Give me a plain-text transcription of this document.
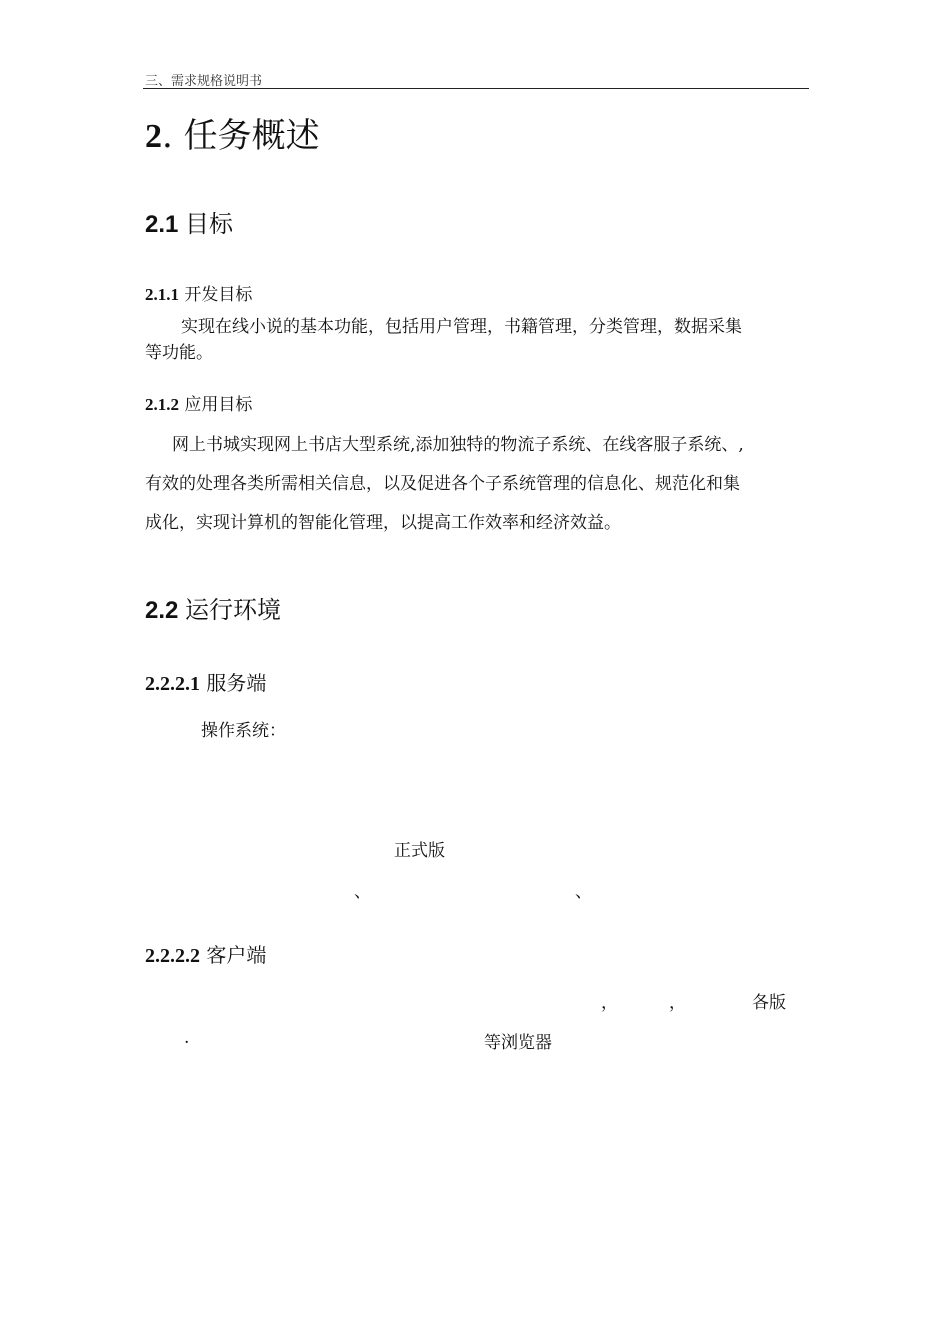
三、需求规格说明书
2. 任务概述
2.1 目标
2.1.1 开发目标
实现在线小说的基本功能，包括用户管理，书籍管理，分类管理，数据采集
等功能。
2.1.2 应用目标
网上书城实现网上书店大型系统,添加独特的物流子系统、在线客服子系统、,
有效的处理各类所需相关信息，以及促进各个子系统管理的信息化、规范化和集
成化，实现计算机的智能化管理，以提高工作效率和经济效益。
2.2 运行环境
2.2.2.1 服务端
操作系统：
正式版
、	、
2.2.2.2 客户端
，	，	各版
.	等浏览器
